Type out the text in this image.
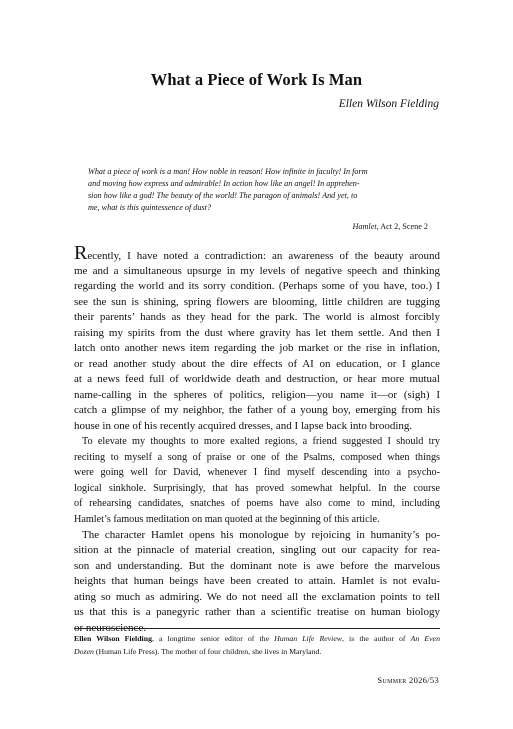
What a Piece of Work Is Man
Ellen Wilson Fielding
What a piece of work is a man! How noble in reason! How infinite in faculty! In form
and moving how express and admirable! In action how like an angel! In apprehen-
sion how like a god! The beauty of the world! The paragon of animals! And yet, to
me, what is this quintessence of dust?
Hamlet, Act 2, Scene 2
Recently, I have noted a contradiction: an awareness of the beauty around
me and a simultaneous upsurge in my levels of negative speech and thinking
regarding the world and its sorry condition. (Perhaps some of you have, too.) I
see the sun is shining, spring flowers are blooming, little children are tugging
their parents’ hands as they head for the park. The world is almost forcibly
raising my spirits from the dust where gravity has let them settle. And then I
latch onto another news item regarding the job market or the rise in inflation,
or read another study about the dire effects of AI on education, or I glance
at a news feed full of worldwide death and destruction, or hear more mutual
name-calling in the spheres of politics, religion—you name it—or (sigh) I
catch a glimpse of my neighbor, the father of a young boy, emerging from his
house in one of his recently acquired dresses, and I lapse back into brooding.
To elevate my thoughts to more exalted regions, a friend suggested I should try
reciting to myself a song of praise or one of the Psalms, composed when things
were going well for David, whenever I find myself descending into a psycho-
logical sinkhole. Surprisingly, that has proved somewhat helpful. In the course
of rehearsing candidates, snatches of poems have also come to mind, including
Hamlet’s famous meditation on man quoted at the beginning of this article.
The character Hamlet opens his monologue by rejoicing in humanity’s po-
sition at the pinnacle of material creation, singling out our capacity for rea-
son and understanding. But the dominant note is awe before the marvelous
heights that human beings have been created to attain. Hamlet is not evalu-
ating so much as admiring. We do not need all the exclamation points to tell
us that this is a panegyric rather than a scientific treatise on human biology
or neuroscience.
Ellen Wilson Fielding, a longtime senior editor of the Human Life Review, is the author of An Even
Dozen (Human Life Press). The mother of four children, she lives in Maryland.
Summer 2026/53
